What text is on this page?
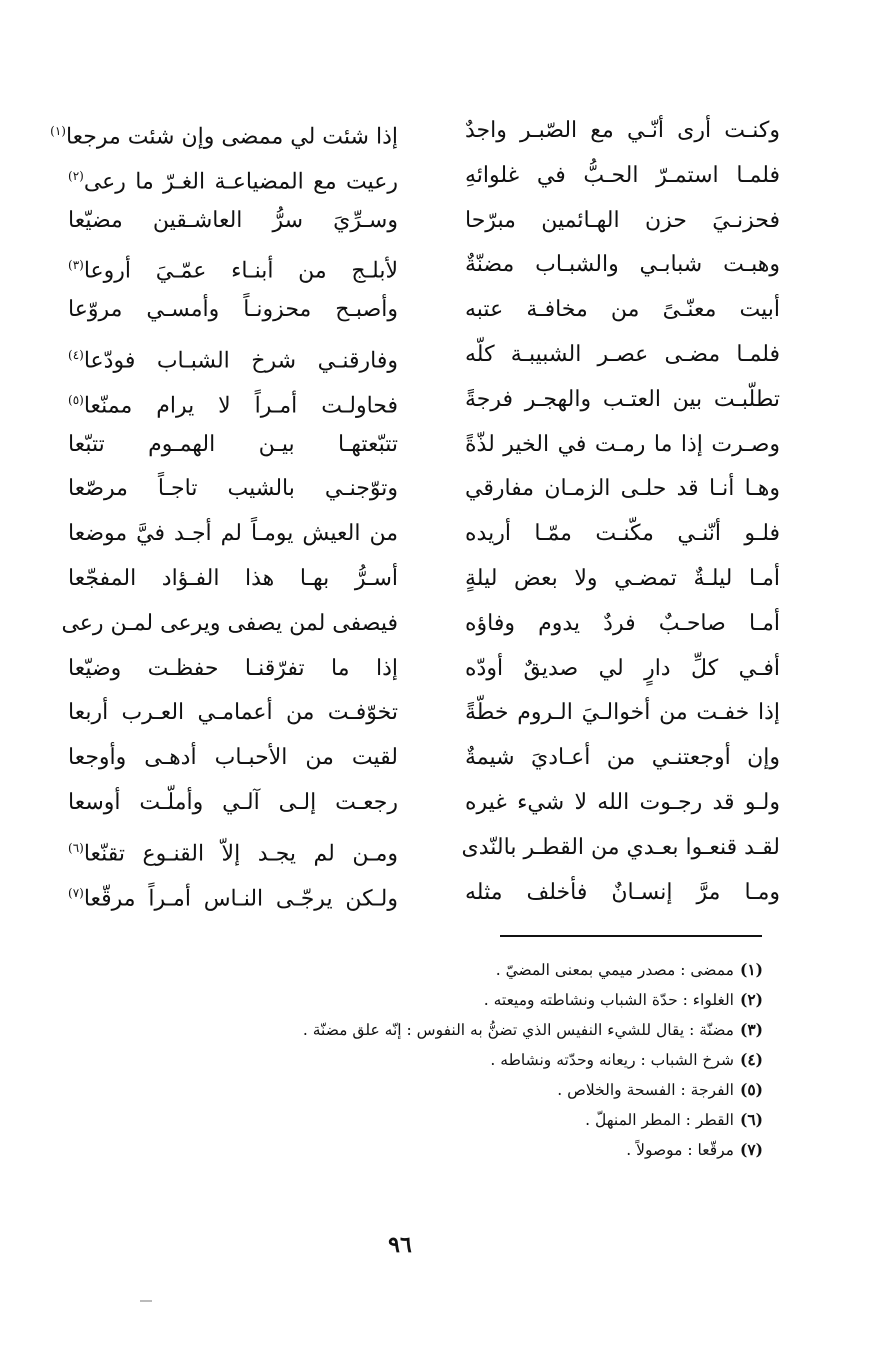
وكنـت أرى أنّـي مع الصّبـر واجدٌ
إذا شئت لي ممضى وإن شئت مرجعا$^{(١)}$
فلمـا استمـرّ الحـبُّ في غلوائهِ
رعيت مع المضياعـة الغـرّ ما رعى$^{(٢)}$
فحزنـيَ حزن الهـائمين مبرّحا
وسـرِّيَ سرُّ العاشـقين مضيّعا
وهبـت شبابـي والشبـاب مضنّةٌ
لأبلـج من أبنـاء عمّـيَ أروعا$^{(٣)}$
أبيت معنّـىً من مخافـة عتبه
وأصبـح محزونـاً وأمسـي مروّعا
فلمـا مضـى عصـر الشبيبـة كلّه
وفارقنـي شرخ الشبـاب فودّعا$^{(٤)}$
تطلّبـت بين العتـب والهجـر فرجةً
فحاولـت أمـراً لا يرام ممنّعا$^{(٥)}$
وصـرت إذا ما رمـت في الخير لذّةً
تتبّعتهـا بيـن الهمـوم تتبّعا
وهـا أنـا قد حلـى الزمـان مفارقي
وتوّجنـي بالشيب تاجـاً مرصّعا
فلـو أنّنـي مكّنـت ممّـا أريده
من العيش يومـاً لم أجـد فيَّ موضعا
أمـا ليلـةٌ تمضـي ولا بعض ليلةٍ
أسـرُّ بهـا هذا الفـؤاد المفجّعا
أمـا صاحـبٌ فردٌ يدوم وفاؤه
فيصفى لمن يصفى ويرعى لمـن رعى
أفـي كلِّ دارٍ لي صديقٌ أودّه
إذا ما تفرّقنـا حفظـت وضيّعا
إذا خفـت من أخوالـيَ الـروم خطّةً
تخوّفـت من أعمامـي العـرب أربعا
وإن أوجعتنـي من أعـاديَ شيمةٌ
لقيت من الأحبـاب أدهـى وأوجعا
ولـو قد رجـوت الله لا شيء غيره
رجعـت إلـى آلـي وأملّـت أوسعا
لقـد قنعـوا بعـدي من القطـر بالنّدى
ومـن لم يجـد إلاّ القنـوع تقنّعا$^{(٦)}$
ومـا مرَّ إنسـانٌ فأخلف مثله
ولـكن يرجّـى النـاس أمـراً مرقّعا$^{(٧)}$
(١)ممضى : مصدر ميمي بمعنى المضيّ .
(٢)الغلواء : حدّة الشباب ونشاطته وميعته .
(٣)مضنّة : يقال للشيء النفيس الذي تضنُّ به النفوس : إنّه علق مضنّة .
(٤)شرخ الشباب : ريعانه وحدّته ونشاطه .
(٥)الفرجة : الفسحة والخلاص .
(٦)القطر : المطر المنهلّ .
(٧)مرقّعا : موصولاً .
٩٦
